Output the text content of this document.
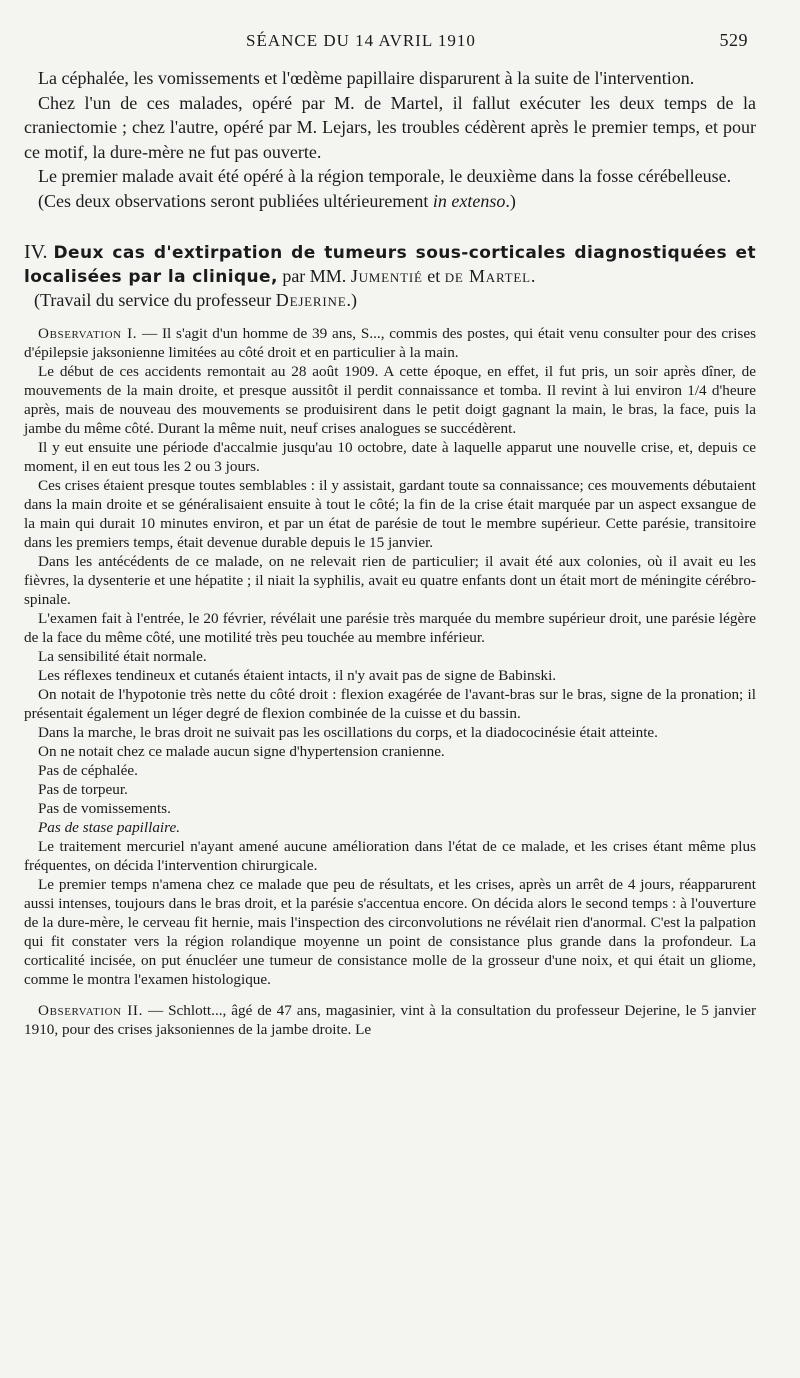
SÉANCE DU 14 AVRIL 1910	529

La céphalée, les vomissements et l'œdème papillaire disparurent à la suite de l'intervention.

Chez l'un de ces malades, opéré par M. de Martel, il fallut exécuter les deux temps de la craniectomie ; chez l'autre, opéré par M. Lejars, les troubles cédèrent après le premier temps, et pour ce motif, la dure-mère ne fut pas ouverte.

Le premier malade avait été opéré à la région temporale, le deuxième dans la fosse cérébelleuse.

(Ces deux observations seront publiées ultérieurement in extenso.)

IV. Deux cas d'extirpation de tumeurs sous-corticales diagnostiquées et localisées par la clinique, par MM. Jumentié et de Martel.
(Travail du service du professeur Dejerine.)

Observation I. — Il s'agit d'un homme de 39 ans, S..., commis des postes, qui était venu consulter pour des crises d'épilepsie jaksonienne limitées au côté droit et en particulier à la main.

Le début de ces accidents remontait au 28 août 1909. A cette époque, en effet, il fut pris, un soir après dîner, de mouvements de la main droite, et presque aussitôt il perdit connaissance et tomba. Il revint à lui environ 1/4 d'heure après, mais de nouveau des mouvements se produisirent dans le petit doigt gagnant la main, le bras, la face, puis la jambe du même côté. Durant la même nuit, neuf crises analogues se succédèrent.

Il y eut ensuite une période d'accalmie jusqu'au 10 octobre, date à laquelle apparut une nouvelle crise, et, depuis ce moment, il en eut tous les 2 ou 3 jours.

Ces crises étaient presque toutes semblables : il y assistait, gardant toute sa connaissance; ces mouvements débutaient dans la main droite et se généralisaient ensuite à tout le côté; la fin de la crise était marquée par un aspect exsangue de la main qui durait 10 minutes environ, et par un état de parésie de tout le membre supérieur. Cette parésie, transitoire dans les premiers temps, était devenue durable depuis le 15 janvier.

Dans les antécédents de ce malade, on ne relevait rien de particulier; il avait été aux colonies, où il avait eu les fièvres, la dysenterie et une hépatite ; il niait la syphilis, avait eu quatre enfants dont un était mort de méningite cérébro-spinale.

L'examen fait à l'entrée, le 20 février, révélait une parésie très marquée du membre supérieur droit, une parésie légère de la face du même côté, une motilité très peu touchée au membre inférieur.

La sensibilité était normale.

Les réflexes tendineux et cutanés étaient intacts, il n'y avait pas de signe de Babinski.

On notait de l'hypotonie très nette du côté droit : flexion exagérée de l'avant-bras sur le bras, signe de la pronation; il présentait également un léger degré de flexion combinée de la cuisse et du bassin.

Dans la marche, le bras droit ne suivait pas les oscillations du corps, et la diadococinésie était atteinte.

On ne notait chez ce malade aucun signe d'hypertension cranienne.

Pas de céphalée.

Pas de torpeur.

Pas de vomissements.

Pas de stase papillaire.

Le traitement mercuriel n'ayant amené aucune amélioration dans l'état de ce malade, et les crises étant même plus fréquentes, on décida l'intervention chirurgicale.

Le premier temps n'amena chez ce malade que peu de résultats, et les crises, après un arrêt de 4 jours, réapparurent aussi intenses, toujours dans le bras droit, et la parésie s'accentua encore. On décida alors le second temps : à l'ouverture de la dure-mère, le cerveau fit hernie, mais l'inspection des circonvolutions ne révélait rien d'anormal. C'est la palpation qui fit constater vers la région rolandique moyenne un point de consistance plus grande dans la profondeur. La corticalité incisée, on put énucléer une tumeur de consistance molle de la grosseur d'une noix, et qui était un gliome, comme le montra l'examen histologique.

Observation II. — Schlott..., âgé de 47 ans, magasinier, vint à la consultation du professeur Dejerine, le 5 janvier 1910, pour des crises jaksoniennes de la jambe droite. Le
